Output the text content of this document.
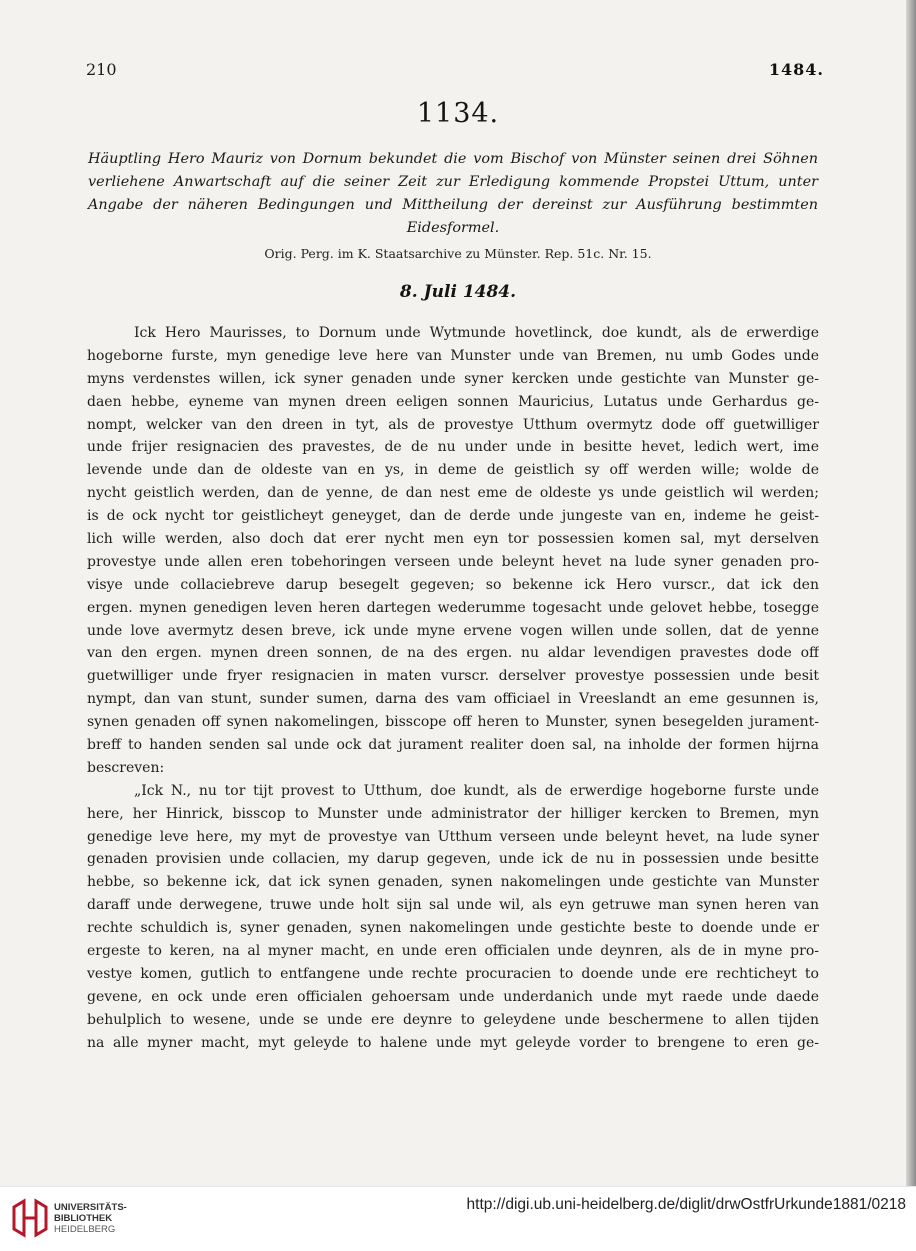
210	1484.
1134.

Häuptling Hero Mauriz von Dornum bekundet die vom Bischof von Münster seinen drei Söhnen verliehene Anwartschaft auf die seiner Zeit zur Erledigung kommende Propstei Uttum, unter Angabe der näheren Bedingungen und Mittheilung der dereinst zur Ausführung bestimmten Eidesformel.

Orig. Perg. im K. Staatsarchive zu Münster. Rep. 51c. Nr. 15.

8. Juli 1484.

Ick Hero Maurisses, to Dornum unde Wytmunde hovetlinck, doe kundt, als de erwerdige
hogeborne furste, myn genedige leve here van Munster unde van Bremen, nu umb Godes unde
myns verdenstes willen, ick syner genaden unde syner kercken unde gestichte van Munster ge-
daen hebbe, eyneme van mynen dreen eeligen sonnen Mauricius, Lutatus unde Gerhardus ge-
nompt, welcker van den dreen in tyt, als de provestye Utthum overmytz dode off guetwilliger
unde frijer resignacien des pravestes, de de nu under unde in besitte hevet, ledich wert, ime
levende unde dan de oldeste van en ys, in deme de geistlich sy off werden wille; wolde de
nycht geistlich werden, dan de yenne, de dan nest eme de oldeste ys unde geistlich wil werden;
is de ock nycht tor geistlicheyt geneyget, dan de derde unde jungeste van en, indeme he geist-
lich wille werden, also doch dat erer nycht men eyn tor possessien komen sal, myt derselven
provestye unde allen eren tobehoringen verseen unde beleynt hevet na lude syner genaden pro-
visye unde collaciebreve darup besegelt gegeven; so bekenne ick Hero vurscr., dat ick den
ergen. mynen genedigen leven heren dartegen wederumme togesacht unde gelovet hebbe, tosegge
unde love avermytz desen breve, ick unde myne ervene vogen willen unde sollen, dat de yenne
van den ergen. mynen dreen sonnen, de na des ergen. nu aldar levendigen pravestes dode off
guetwilliger unde fryer resignacien in maten vurscr. derselver provestye possessien unde besit
nympt, dan van stunt, sunder sumen, darna des vam officiael in Vreeslandt an eme gesunnen is,
synen genaden off synen nakomelingen, bisscope off heren to Munster, synen besegelden jurament-
breff to handen senden sal unde ock dat jurament realiter doen sal, na inholde der formen hijrna
bescreven:
„Ick N., nu tor tijt provest to Utthum, doe kundt, als de erwerdige hogeborne furste unde
here, her Hinrick, bisscop to Munster unde administrator der hilliger kercken to Bremen, myn
genedige leve here, my myt de provestye van Utthum verseen unde beleynt hevet, na lude syner
genaden provisien unde collacien, my darup gegeven, unde ick de nu in possessien unde besitte
hebbe, so bekenne ick, dat ick synen genaden, synen nakomelingen unde gestichte van Munster
daraff unde derwegene, truwe unde holt sijn sal unde wil, als eyn getruwe man synen heren van
rechte schuldich is, syner genaden, synen nakomelingen unde gestichte beste to doende unde er
ergeste to keren, na al myner macht, en unde eren officialen unde deynren, als de in myne pro-
vestye komen, gutlich to entfangene unde rechte procuracien to doende unde ere rechticheyt to
gevene, en ock unde eren officialen gehoersam unde underdanich unde myt raede unde daede
behulplich to wesene, unde se unde ere deynre to geleydene unde beschermene to allen tijden
na alle myner macht, myt geleyde to halene unde myt geleyde vorder to brengene to eren ge-
UNIVERSITÄTS-
BIBLIOTHEK
HEIDELBERG

http://digi.ub.uni-heidelberg.de/diglit/drwOstfrUrkunde1881/0218
